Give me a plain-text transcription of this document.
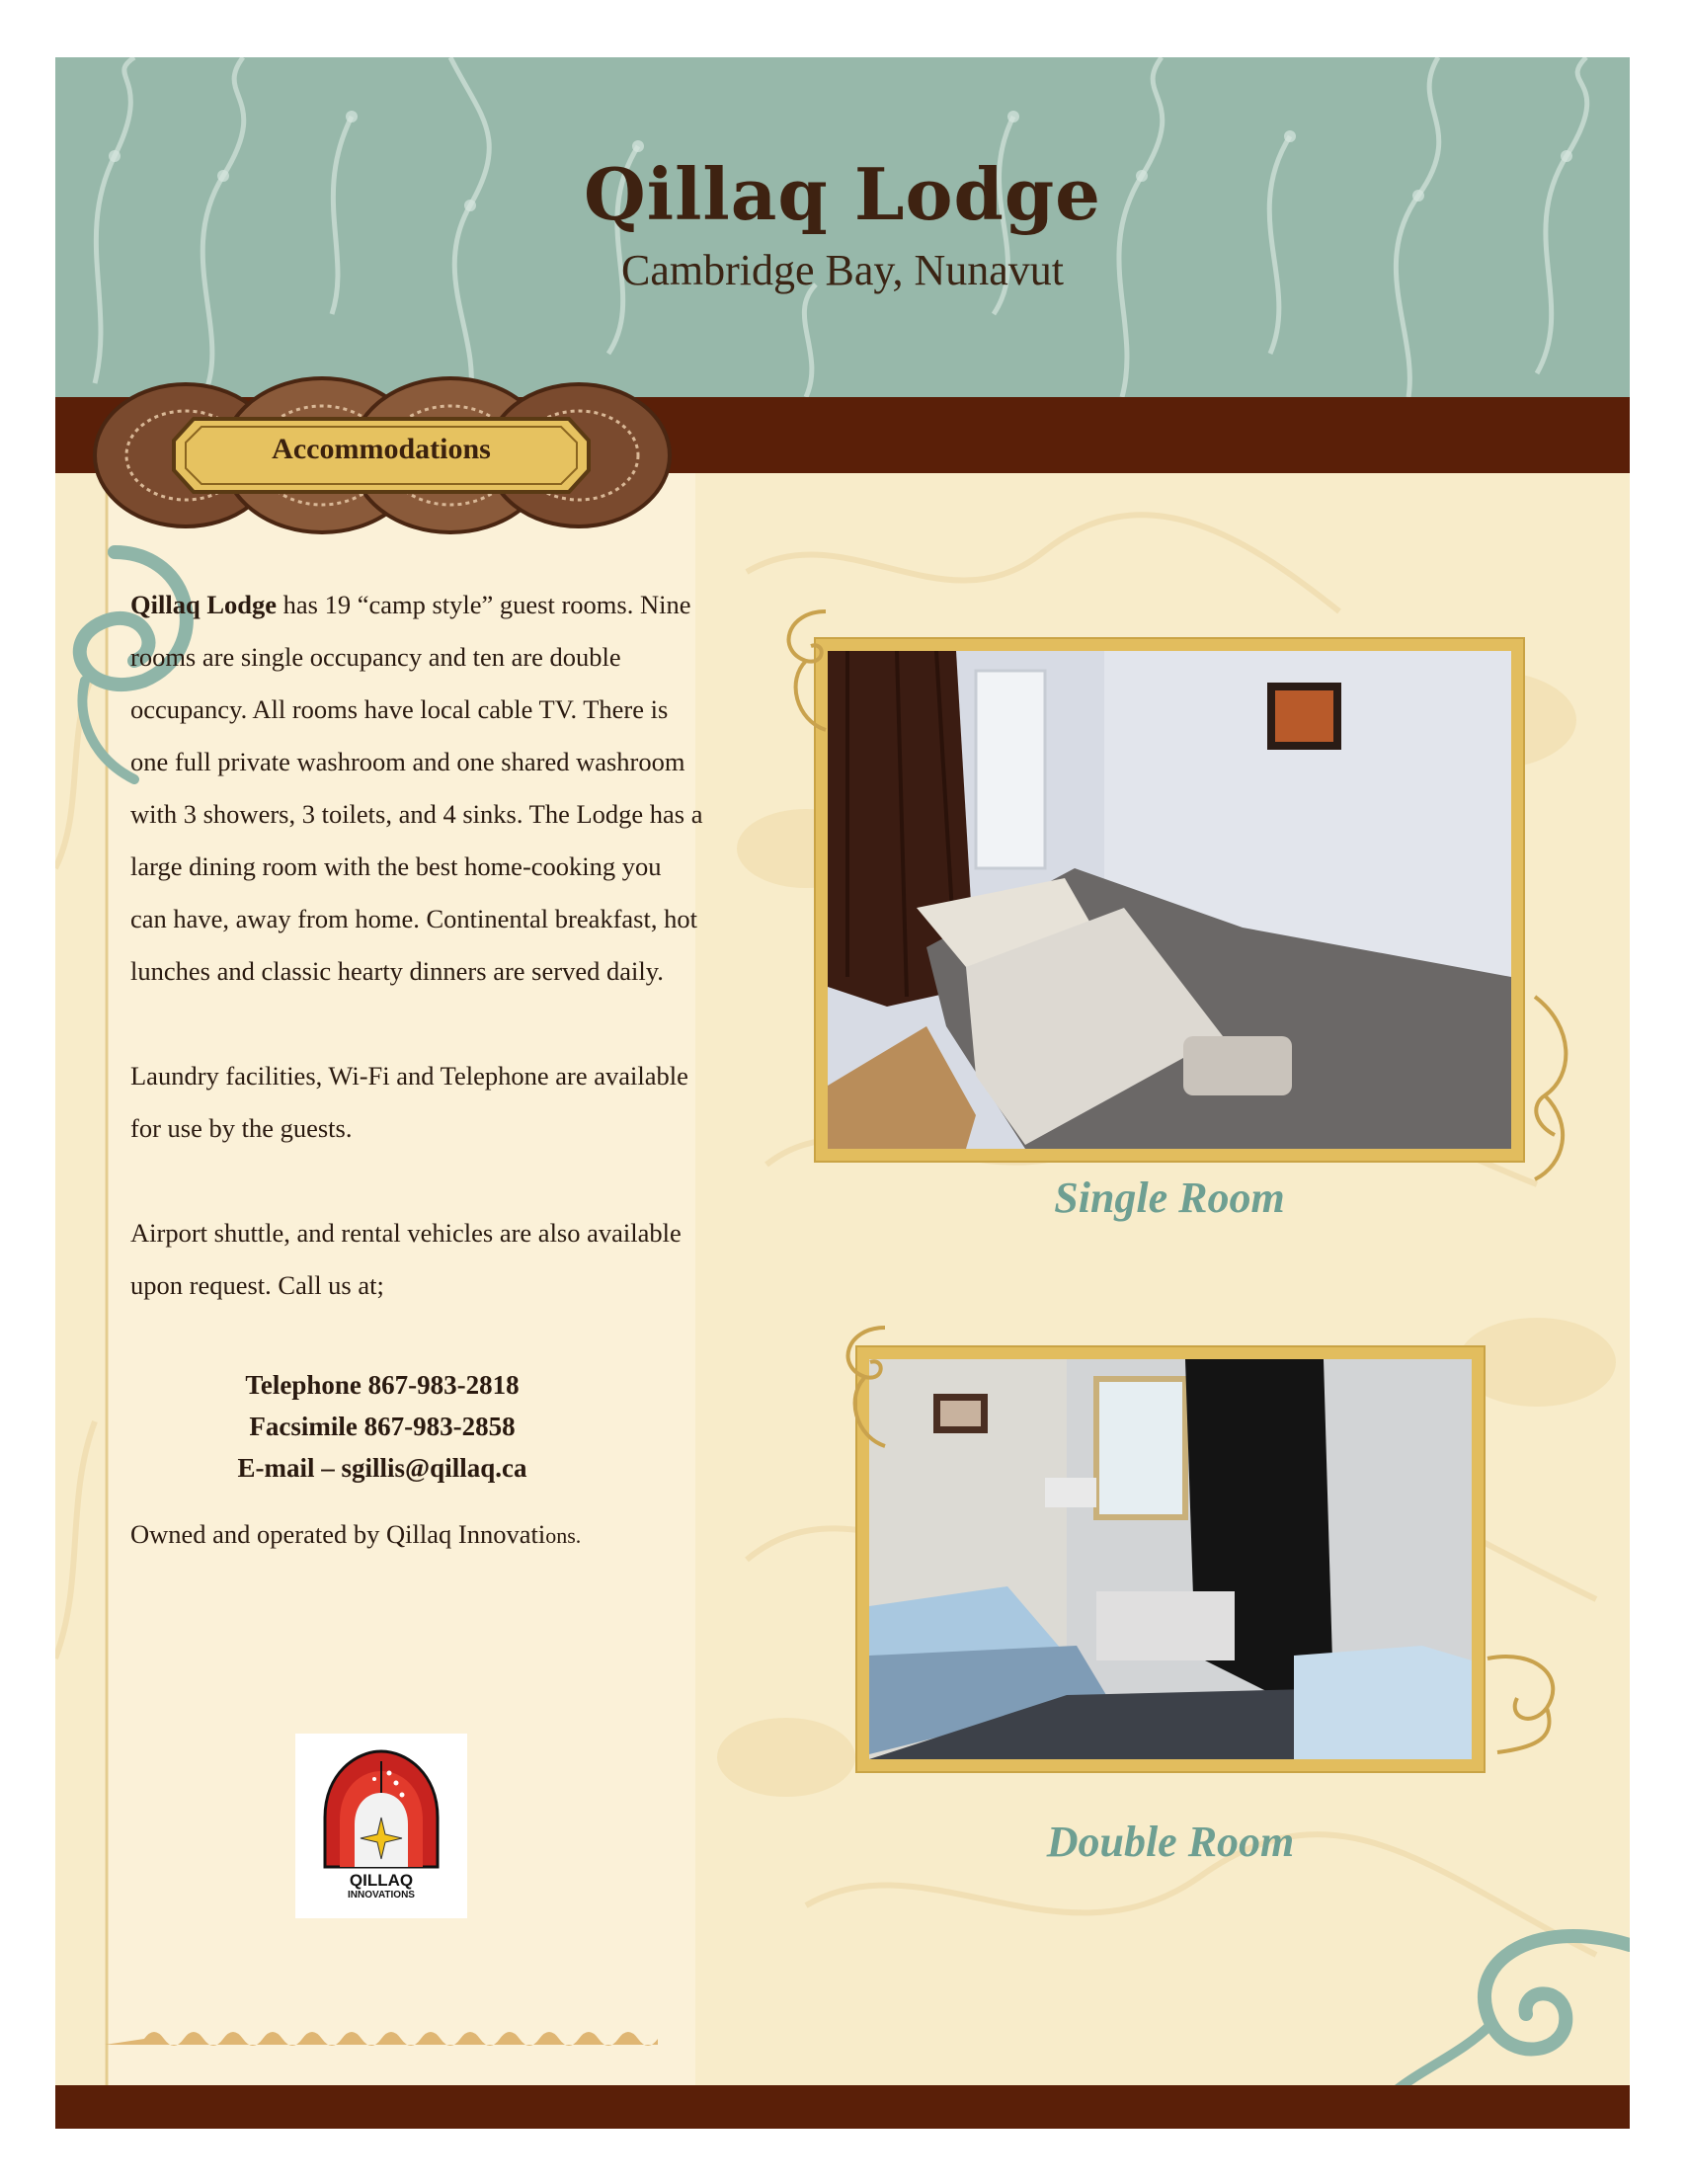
Qillaq Lodge
Cambridge Bay, Nunavut
Single Room
Double Room
Accommodations

Qillaq Lodge has 19 “camp style” guest rooms. Nine rooms are single occupancy and ten are double occupancy. All rooms have local cable TV. There is one full private washroom and one shared washroom with 3 showers, 3 toilets, and 4 sinks. The Lodge has a large dining room with the best home-cooking you can have, away from home. Continental breakfast, hot lunches and classic hearty dinners are served daily.

Laundry facilities, Wi-Fi and Telephone are available for use by the guests.

Airport shuttle, and rental vehicles are also available upon request. Call us at;

Telephone 867-983-2818
Facsimile 867-983-2858
E-mail – sgillis@qillaq.ca

Owned and operated by Qillaq Innovations.

QILLAQ
INNOVATIONS
